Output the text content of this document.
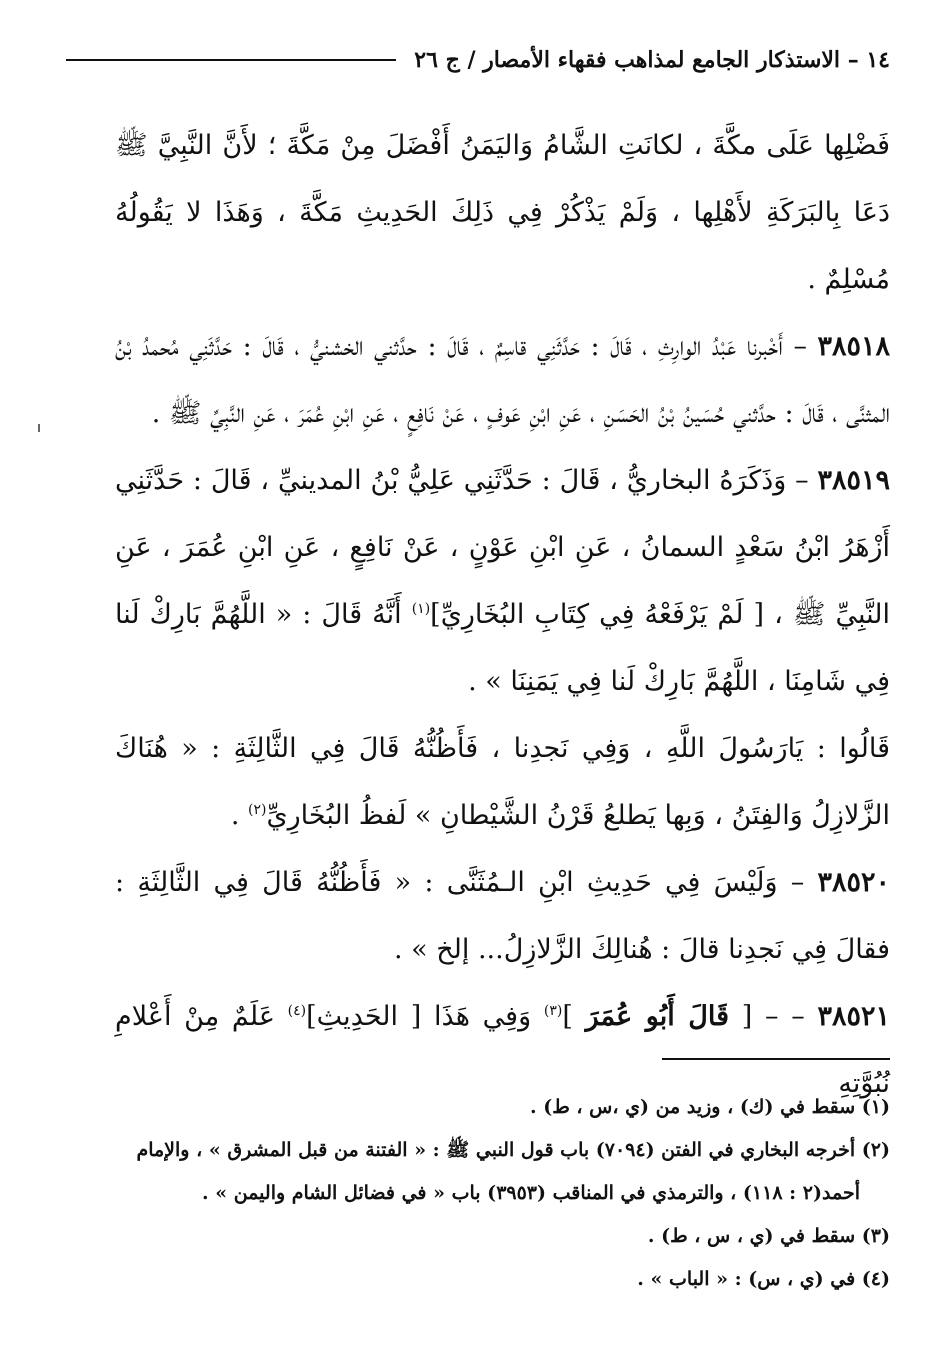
١٤ – الاستذكار الجامع لمذاهب فقهاء الأمصار / ج ٢٦

فَضْلِها عَلَى مكَّةَ ، لكانَتِ الشَّامُ وَاليَمَنُ أَفْضَلَ مِنْ مَكَّةَ ؛ لأَنَّ النَّبِيَّ ﷺ دَعَا بِالبَرَكَةِ لأَهْلِها ، وَلَمْ يَذْكُرْ فِي ذَلِكَ الحَدِيثِ مَكَّةَ ، وَهَذَا لا يَقُولُهُ مُسْلِمٌ .

٣٨٥١٨ – أَخْبرنا عَبْدُ الوارِثِ ، قَالَ : حَدَّثَنِي قاسِمٌ ، قَالَ : حدَّثني الخشنيُّ ، قَالَ : حَدَّثَنِي مُحمدُ بْنُ المثنَّى ، قَالَ : حدَّثني حُسَينُ بْنُ الحَسَنِ ، عَنِ ابْنِ عَوفٍ ، عَنْ نَافِعٍ ، عَنِ ابْنِ عُمَرَ ، عَنِ النَّبِيِّ ﷺ .

٣٨٥١٩ – وَذَكَرَهُ البخاريُّ ، قَالَ : حَدَّثَنِي عَلِيُّ بْنُ المدينيِّ ، قَالَ : حَدَّثَنِي أَزْهَرُ ابْنُ سَعْدٍ السمانُ ، عَنِ ابْنِ عَوْنٍ ، عَنْ نَافِعٍ ، عَنِ ابْنِ عُمَرَ ، عَنِ النَّبِيِّ ﷺ ، [ لَمْ يَرْفَعْهُ فِي كِتَابِ البُخَارِيِّ]$^{(١)}$ أَنَّهُ قَالَ : « اللَّهُمَّ بَارِكْ لَنا فِي شَامِنَا ، اللَّهُمَّ بَارِكْ لَنا فِي يَمَنِنَا » .

قَالُوا : يَارَسُولَ اللَّهِ ، وَفِي نَجدِنا ، فَأَظُنُّهُ قَالَ فِي الثَّالِثَةِ : « هُنَاكَ الزَّلازِلُ وَالفِتَنُ ، وَبِها يَطلعُ قَرْنُ الشَّيْطانِ » لَفظُ البُخَارِيِّ$^{(٢)}$ .

٣٨٥٢٠ – وَلَيْسَ فِي حَدِيثِ ابْنِ الـمُثَنَّى : « فَأَظُنُّهُ قَالَ فِي الثَّالِثَةِ : فقالَ فِي نَجدِنا قالَ : هُنالِكَ الزَّلازِلُ... إلخ » .

٣٨٥٢١ – – [ قَالَ أَبُو عُمَرَ ]$^{(٣)}$ وَفِي هَذَا [ الحَدِيثِ]$^{(٤)}$ عَلَمٌ مِنْ أَعْلامِ نُبُوَّتِهِ

(١) سقط في (ك) ، وزيد من (ي ،س ، ط) .

(٢) أخرجه البخاري في الفتن (٧٠٩٤) باب قول النبي ﷺ : « الفتنة من قبل المشرق » ، والإمام

أحمد(٢ : ١١٨) ، والترمذي في المناقب (٣٩٥٣) باب « في فضائل الشام واليمن » .

(٣) سقط في (ي ، س ، ط) .

(٤) في (ي ، س) : « الباب » .
